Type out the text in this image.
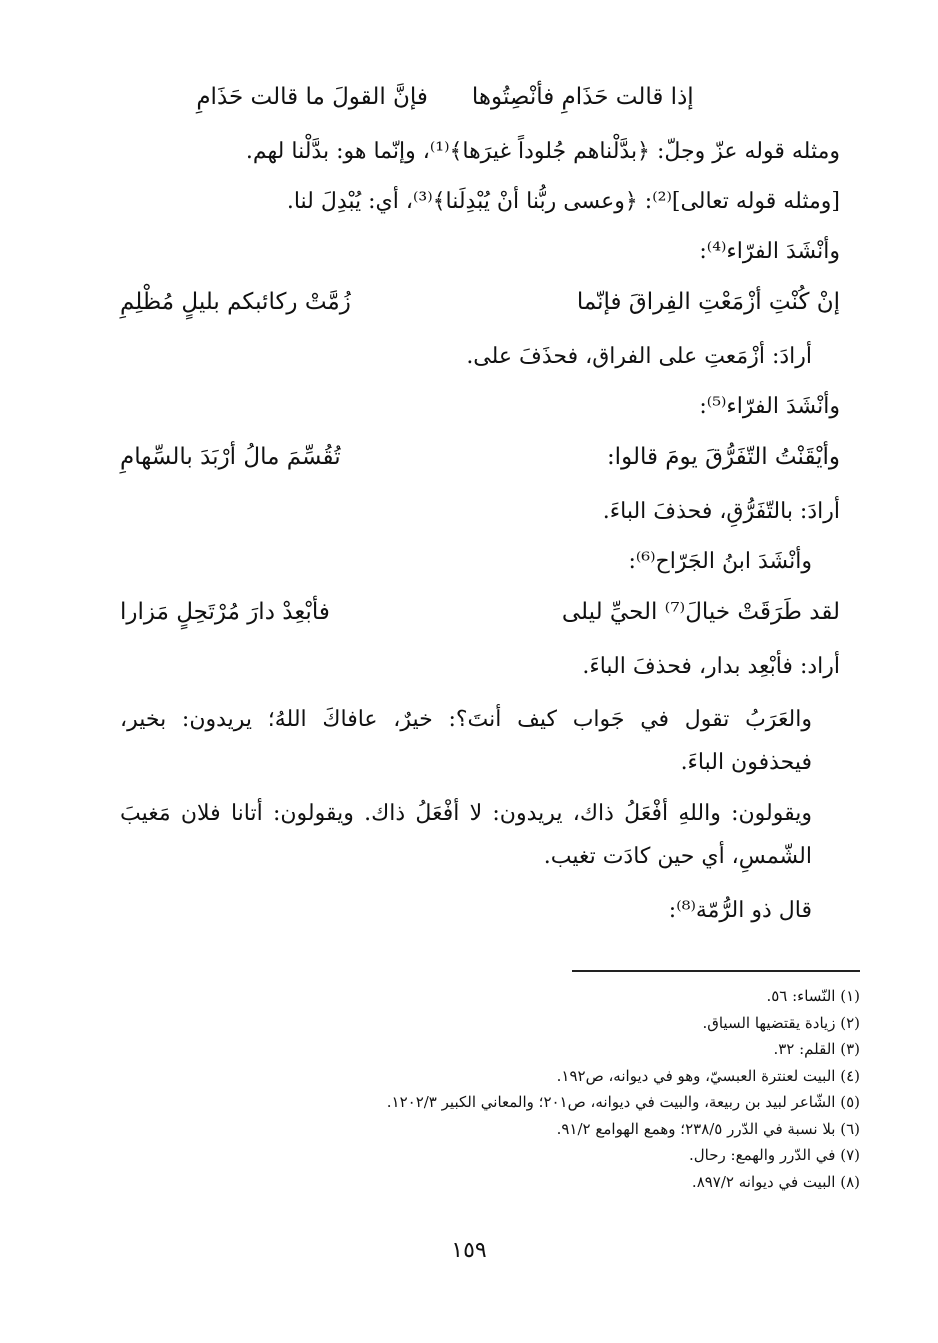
إذا قالت حَذَامِ فأنْصِتُوها
فإنَّ القولَ ما قالت حَذَامِ
ومثله قوله عزّ وجلّ: ﴿بدَّلْناهم جُلوداً غيرَها﴾⁽¹⁾، وإنّما هو: بدَّلْنا لهم.
[ومثله قوله تعالى]⁽²⁾: ﴿وعسى ربُّنا أنْ يُبْدِلَنا﴾⁽³⁾، أي: يُبْدِلَ لنا.
وأنْشَدَ الفرّاء⁽⁴⁾:
إنْ كُنْتِ أزْمَعْتِ الفِراقَ فإنّما
زُمَّتْ ركائبكم بليلٍ مُظْلِمِ
أرادَ: أزْمَعتِ على الفراق، فحذَفَ على.
وأنْشَدَ الفرّاء⁽⁵⁾:
وأيْقَنْتُ التّفَرُّقَ يومَ قالوا:
تُقُسِّمَ مالُ أرْبَدَ بالسِّهامِ
أرادَ: بالتّفَرُّقِ، فحذفَ الباءَ.
وأنْشَدَ ابنُ الجَرّاح⁽⁶⁾:
لقد طَرَقَتْ خيالَ⁽⁷⁾ الحيِّ ليلى
فأبْعِدْ دارَ مُرْتَحِلٍ مَزارا
أراد: فأبْعِد بدار، فحذفَ الباءَ.
والعَرَبُ تقول في جَواب كيف أنتَ؟: خيرٌ، عافاكَ اللهُ؛ يريدون: بخير، فيحذفون الباءَ.
ويقولون: واللهِ أفْعَلُ ذاك، يريدون: لا أفْعَلُ ذاك. ويقولون: أتانا فلان مَغيبَ الشّمسِ، أي حين كادَت تغيب.
قال ذو الرُّمّة⁽⁸⁾:
(١) النّساء: ٥٦.
(٢) زيادة يقتضيها السياق.
(٣) القلم: ٣٢.
(٤) البيت لعنترة العبسيّ، وهو في ديوانه، ص١٩٢.
(٥) الشّاعر لبيد بن ربيعة، والبيت في ديوانه، ص٢٠١؛ والمعاني الكبير ١٢٠٢/٣.
(٦) بلا نسبة في الدّرر ٢٣٨/٥؛ وهمع الهوامع ٩١/٢.
(٧) في الدّرر والهمع: رحال.
(٨) البيت في ديوانه ٨٩٧/٢.
١٥٩
